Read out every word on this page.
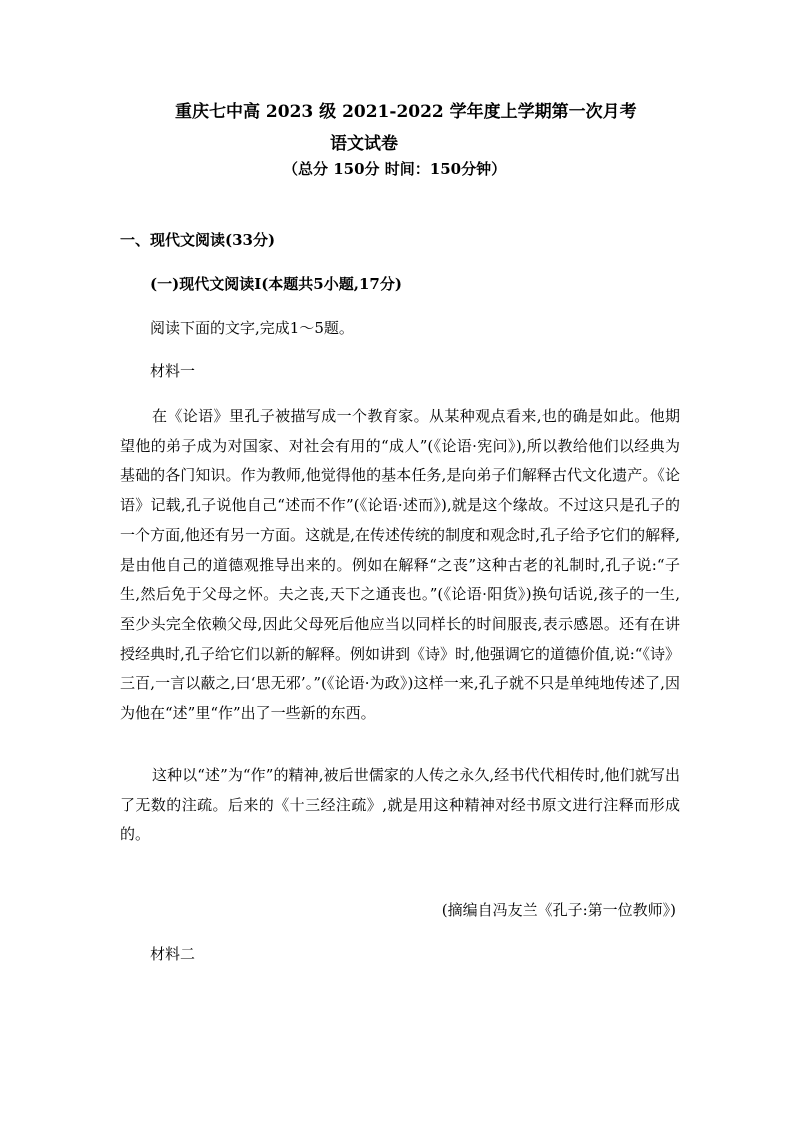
重庆七中高 2023 级 2021-2022 学年度上学期第一次月考
语文试卷
（总分 150分 时间：150分钟）
一、现代文阅读(33分)
(一)现代文阅读Ⅰ(本题共5小题,17分)
阅读下面的文字,完成1～5题。
材料一

在《论语》里孔子被描写成一个教育家。从某种观点看来,也的确是如此。他期望他的弟子成为对国家、对社会有用的“成人”(《论语·宪问》),所以教给他们以经典为基础的各门知识。作为教师,他觉得他的基本任务,是向弟子们解释古代文化遗产。《论语》记载,孔子说他自己“述而不作”(《论语·述而》),就是这个缘故。不过这只是孔子的一个方面,他还有另一方面。这就是,在传述传统的制度和观念时,孔子给予它们的解释,是由他自己的道德观推导出来的。例如在解释“之丧”这种古老的礼制时,孔子说:“子生,然后免于父母之怀。夫之丧,天下之通丧也。”(《论语·阳货》)换句话说,孩子的一生,至少头完全依赖父母,因此父母死后他应当以同样长的时间服丧,表示感恩。还有在讲授经典时,孔子给它们以新的解释。例如讲到《诗》时,他强调它的道德价值,说:“《诗》三百,一言以蔽之,曰‘思无邪’。”(《论语·为政》)这样一来,孔子就不只是单纯地传述了,因为他在“述”里“作”出了一些新的东西。

这种以“述”为“作”的精神,被后世儒家的人传之永久,经书代代相传时,他们就写出了无数的注疏。后来的《十三经注疏》,就是用这种精神对经书原文进行注释而形成的。

(摘编自冯友兰《孔子:第一位教师》)
材料二
